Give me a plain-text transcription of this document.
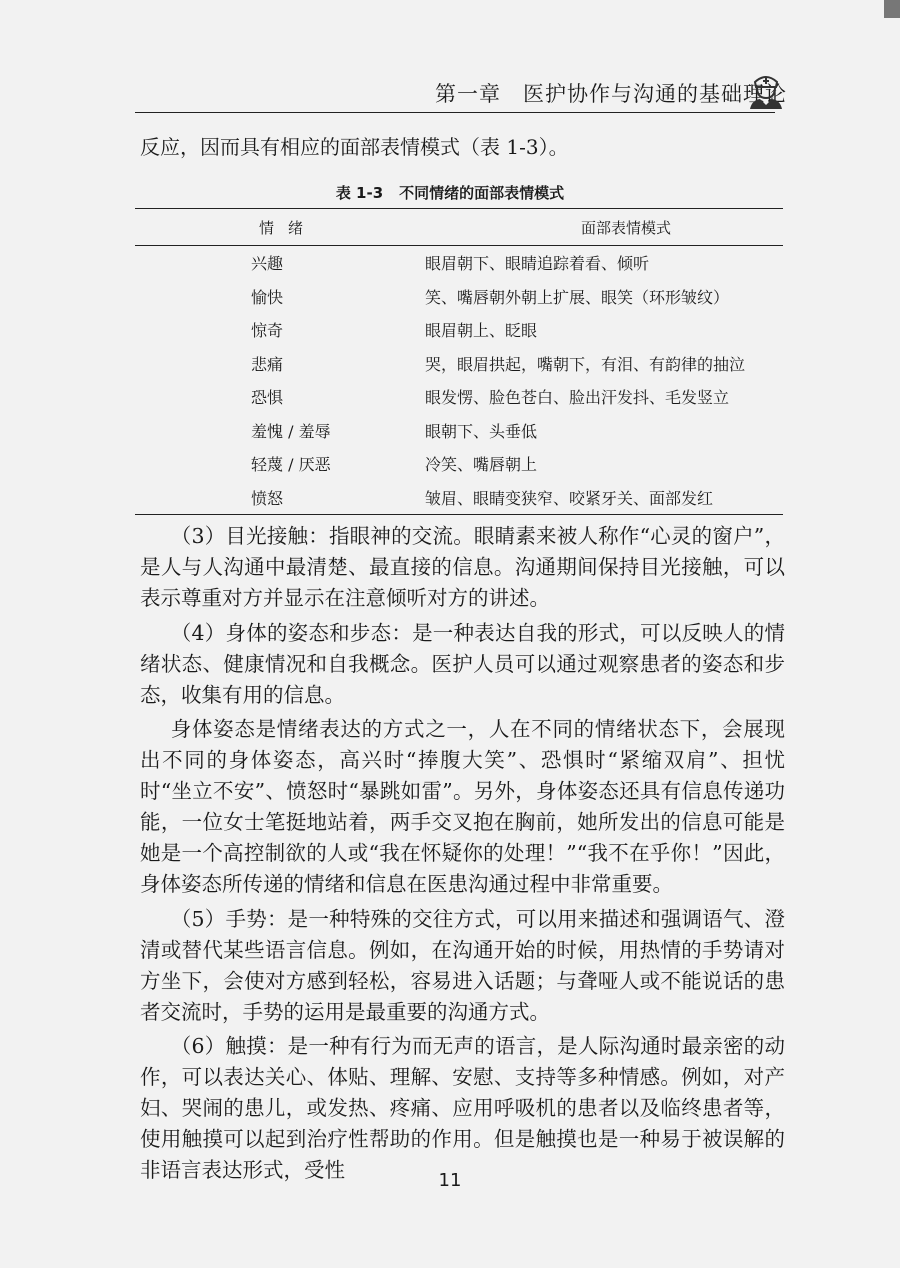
第一章　医护协作与沟通的基础理论
反应，因而具有相应的面部表情模式（表 1-3）。
表 1-3 不同情绪的面部表情模式
情绪	面部表情模式
兴趣	眼眉朝下、眼睛追踪着看、倾听
愉快	笑、嘴唇朝外朝上扩展、眼笑（环形皱纹）
惊奇	眼眉朝上、眨眼
悲痛	哭，眼眉拱起，嘴朝下，有泪、有韵律的抽泣
恐惧	眼发愣、脸色苍白、脸出汗发抖、毛发竖立
羞愧 / 羞辱	眼朝下、头垂低
轻蔑 / 厌恶	冷笑、嘴唇朝上
愤怒	皱眉、眼睛变狭窄、咬紧牙关、面部发红

（3）目光接触：指眼神的交流。眼睛素来被人称作“心灵的窗户”，是人与人沟通中最清楚、最直接的信息。沟通期间保持目光接触，可以表示尊重对方并显示在注意倾听对方的讲述。

（4）身体的姿态和步态：是一种表达自我的形式，可以反映人的情绪状态、健康情况和自我概念。医护人员可以通过观察患者的姿态和步态，收集有用的信息。

身体姿态是情绪表达的方式之一，人在不同的情绪状态下，会展现出不同的身体姿态，高兴时“捧腹大笑”、恐惧时“紧缩双肩”、担忧时“坐立不安”、愤怒时“暴跳如雷”。另外，身体姿态还具有信息传递功能，一位女士笔挺地站着，两手交叉抱在胸前，她所发出的信息可能是她是一个高控制欲的人或“我在怀疑你的处理！”“我不在乎你！”因此，身体姿态所传递的情绪和信息在医患沟通过程中非常重要。

（5）手势：是一种特殊的交往方式，可以用来描述和强调语气、澄清或替代某些语言信息。例如，在沟通开始的时候，用热情的手势请对方坐下，会使对方感到轻松，容易进入话题；与聋哑人或不能说话的患者交流时，手势的运用是最重要的沟通方式。

（6）触摸：是一种有行为而无声的语言，是人际沟通时最亲密的动作，可以表达关心、体贴、理解、安慰、支持等多种情感。例如，对产妇、哭闹的患儿，或发热、疼痛、应用呼吸机的患者以及临终患者等，使用触摸可以起到治疗性帮助的作用。但是触摸也是一种易于被误解的非语言表达形式，受性	11
